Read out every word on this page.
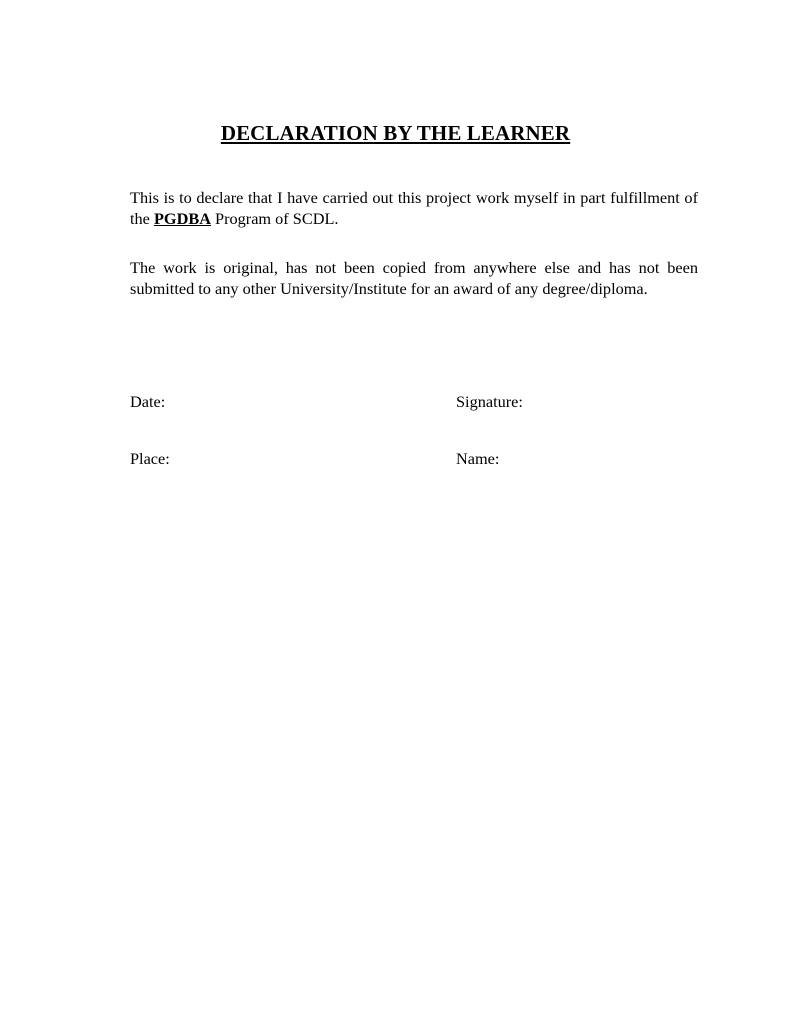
DECLARATION BY THE LEARNER

This is to declare that I have carried out this project work myself in part fulfillment of the PGDBA Program of SCDL.

The work is original, has not been copied from anywhere else and has not been submitted to any other University/Institute for an award of any degree/diploma.

Date:	Signature:
Place:	Name:
